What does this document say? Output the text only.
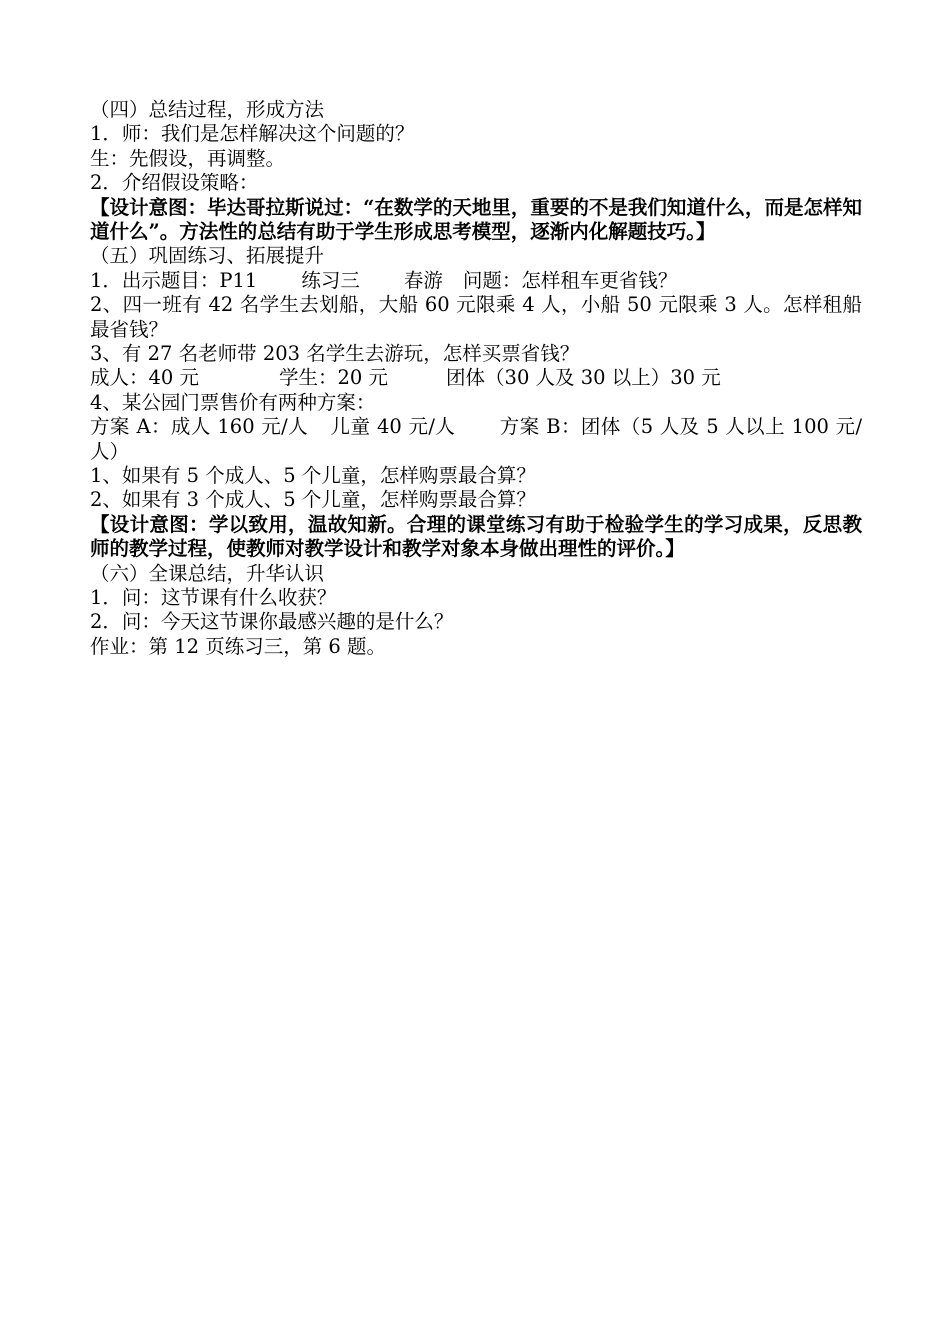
（四）总结过程，形成方法
1．师：我们是怎样解决这个问题的？
生：先假设，再调整。
2．介绍假设策略：
【设计意图：毕达哥拉斯说过：“在数学的天地里，重要的不是我们知道什么，而是怎样知道什么”。方法性的总结有助于学生形成思考模型，逐渐内化解题技巧。】
（五）巩固练习、拓展提升
1．出示题目：P11 练习三 春游 问题：怎样租车更省钱？
2、四一班有 42 名学生去划船，大船 60 元限乘 4 人，小船 50 元限乘 3 人。怎样租船最省钱？
3、有 27 名老师带 203 名学生去游玩，怎样买票省钱？
成人：40 元	学生：20 元	团体（30 人及 30 以上）30 元
4、某公园门票售价有两种方案：
方案 A：成人 160 元/人 儿童 40 元/人 方案 B：团体（5 人及 5 人以上 100 元/人）
1、如果有 5 个成人、5 个儿童，怎样购票最合算？
2、如果有 3 个成人、5 个儿童，怎样购票最合算？
【设计意图：学以致用，温故知新。合理的课堂练习有助于检验学生的学习成果，反思教师的教学过程，使教师对教学设计和教学对象本身做出理性的评价。】
（六）全课总结，升华认识
1．问：这节课有什么收获？
2．问：今天这节课你最感兴趣的是什么？
作业：第 12 页练习三，第 6 题。
